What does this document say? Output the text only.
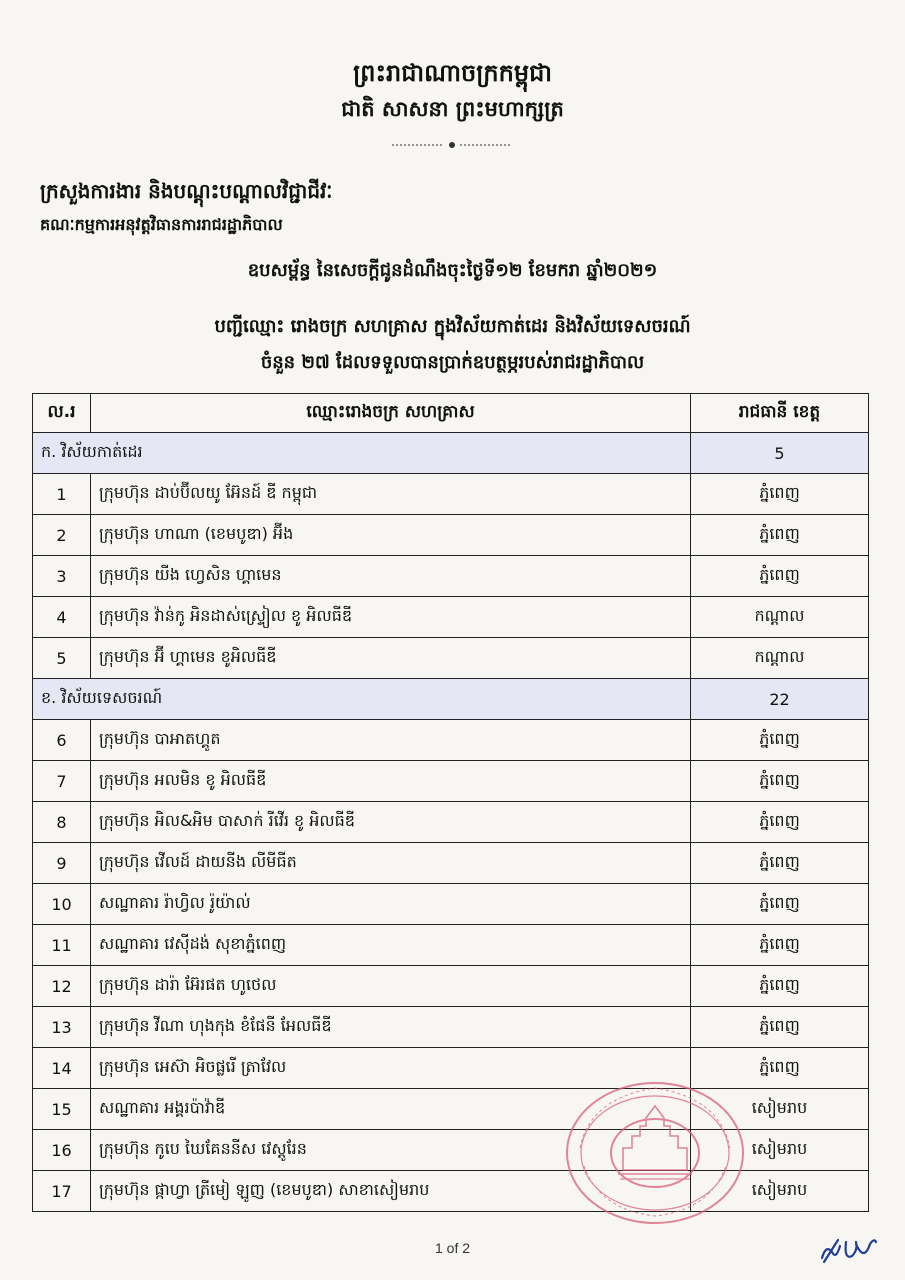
ព្រះរាជាណាចក្រកម្ពុជា
ជាតិ សាសនា ព្រះមហាក្សត្រ
ក្រសួងការងារ និងបណ្តុះបណ្តាលវិជ្ជាជីវៈ
គណៈកម្មការអនុវត្តវិធានការរាជរដ្ឋាភិបាល
ឧបសម្ព័ន្ធ នៃសេចក្តីជូនដំណឹងចុះថ្ងៃទី១២ ខែមករា ឆ្នាំ២០២១
បញ្ជីឈ្មោះ រោងចក្រ សហគ្រាស ក្នុងវិស័យកាត់ដេរ និងវិស័យទេសចរណ៍
ចំនួន ២៧ ដែលទទួលបានប្រាក់ឧបត្ថម្ភរបស់រាជរដ្ឋាភិបាល
ល.រ	ឈ្មោះរោងចក្រ សហគ្រាស	រាជធានី ខេត្ត
ក. វិស័យកាត់ដេរ		5
1	ក្រុមហ៊ុន ដាប់ប៊ីលយូ អ៊ែនដ៍ ឌី កម្ពុជា	ភ្នំពេញ
2	ក្រុមហ៊ុន ហាណា (ខេមបូឌា) អ៊ីង	ភ្នំពេញ
3	ក្រុមហ៊ុន យីង ហ្វេសិន ហ្គាមេន	ភ្នំពេញ
4	ក្រុមហ៊ុន វ៉ាន់កូ អិនដាស់ស្ទ្រៀល ខូ អិលធីឌី	កណ្តាល
5	ក្រុមហ៊ុន អ៊ី ហ្គាមេន ខូអិលធីឌី	កណ្តាល
ខ. វិស័យទេសចរណ៍		22
6	ក្រុមហ៊ុន បាអាតហ្គូត	ភ្នំពេញ
7	ក្រុមហ៊ុន អលមិន ខូ អិលធីឌី	ភ្នំពេញ
8	ក្រុមហ៊ុន អិល&អិម បាសាក់ រីវើរ ខូ អិលធីឌី	ភ្នំពេញ
9	ក្រុមហ៊ុន វើលដ៍ ដាយនីង លីមីធីត	ភ្នំពេញ
10	សណ្ឋាគារ រ៉ាហ្វិល រ៉ូយ៉ាល់	ភ្នំពេញ
11	សណ្ឋាគារ វេស៊ីដង់ សុខាភ្នំពេញ	ភ្នំពេញ
12	ក្រុមហ៊ុន ដារ៉ា អ៊ែរផត ហូថេល	ភ្នំពេញ
13	ក្រុមហ៊ុន វីណា ហុងកុង ខំផែនី អែលធីឌី	ភ្នំពេញ
14	ក្រុមហ៊ុន អេស៊ា អិចផ្លរើ ត្រាវែល	ភ្នំពេញ
15	សណ្ឋាគារ អង្គរប៉ាវ៉ាឌី	សៀមរាប
16	ក្រុមហ៊ុន កូបេ ឃៃគែននីស វេស្តូរែន	សៀមរាប
17	ក្រុមហ៊ុន ផ្កាហ្វា ត្រីមៀ ឡូញ (ខេមបូឌា) សាខាសៀមរាប	សៀមរាប
1 of 2
